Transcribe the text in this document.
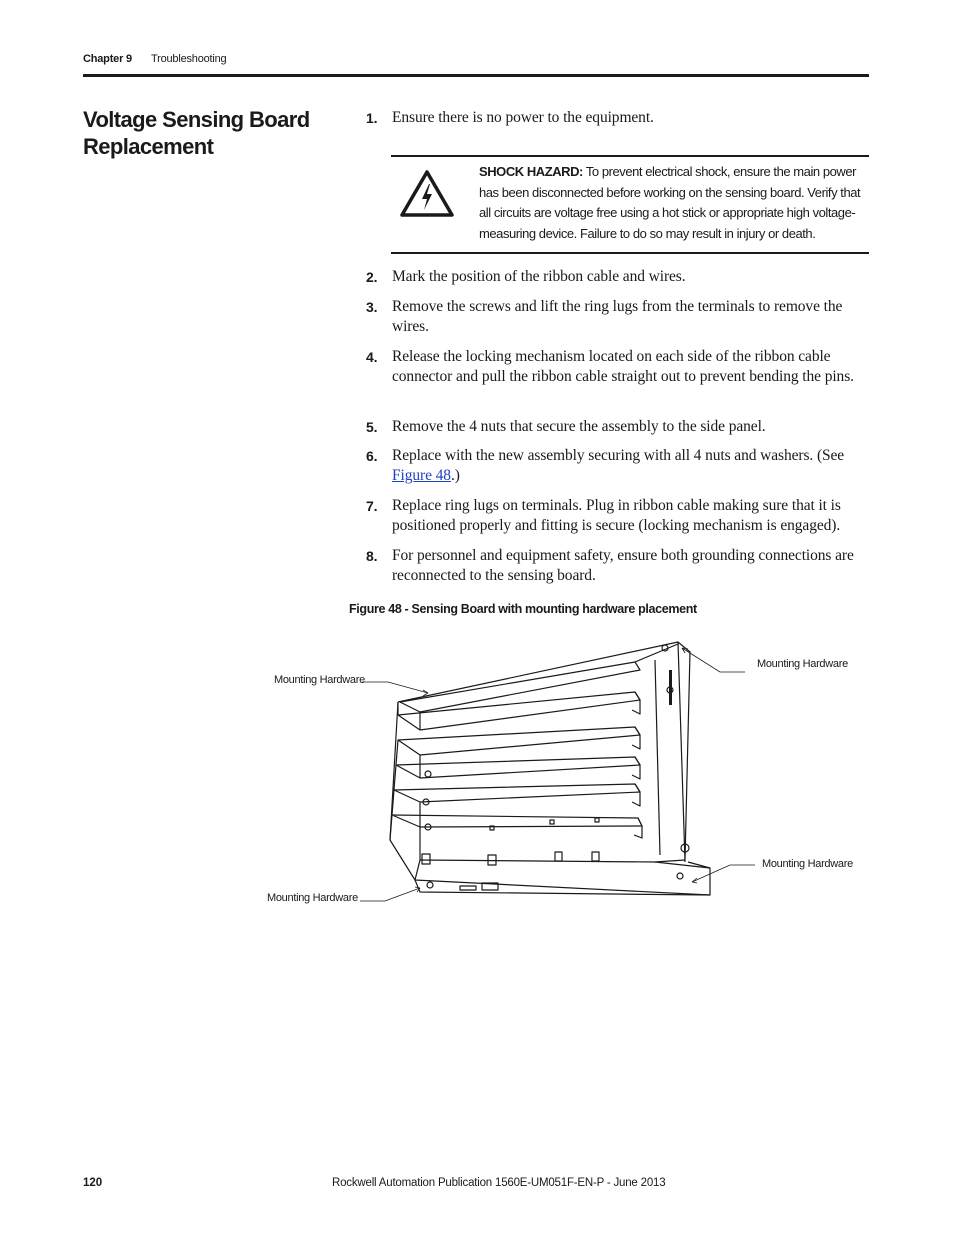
Chapter 9 Troubleshooting
Voltage Sensing Board Replacement
1. Ensure there is no power to the equipment.
2. Mark the position of the ribbon cable and wires.
3. Remove the screws and lift the ring lugs from the terminals to remove the wires.
4. Release the locking mechanism located on each side of the ribbon cable connector and pull the ribbon cable straight out to prevent bending the pins.
5. Remove the 4 nuts that secure the assembly to the side panel.
6. Replace with the new assembly securing with all 4 nuts and washers. (See Figure 48.)
7. Replace ring lugs on terminals. Plug in ribbon cable making sure that it is positioned properly and fitting is secure (locking mechanism is engaged).
8. For personnel and equipment safety, ensure both grounding connections are reconnected to the sensing board.
SHOCK HAZARD: To prevent electrical shock, ensure the main power has been disconnected before working on the sensing board. Verify that all circuits are voltage free using a hot stick or appropriate high voltage-measuring device. Failure to do so may result in injury or death.
Figure 48 - Sensing Board with mounting hardware placement
Mounting Hardware
Mounting Hardware
Mounting Hardware
Mounting Hardware
120	Rockwell Automation Publication 1560E-UM051F-EN-P - June 2013
